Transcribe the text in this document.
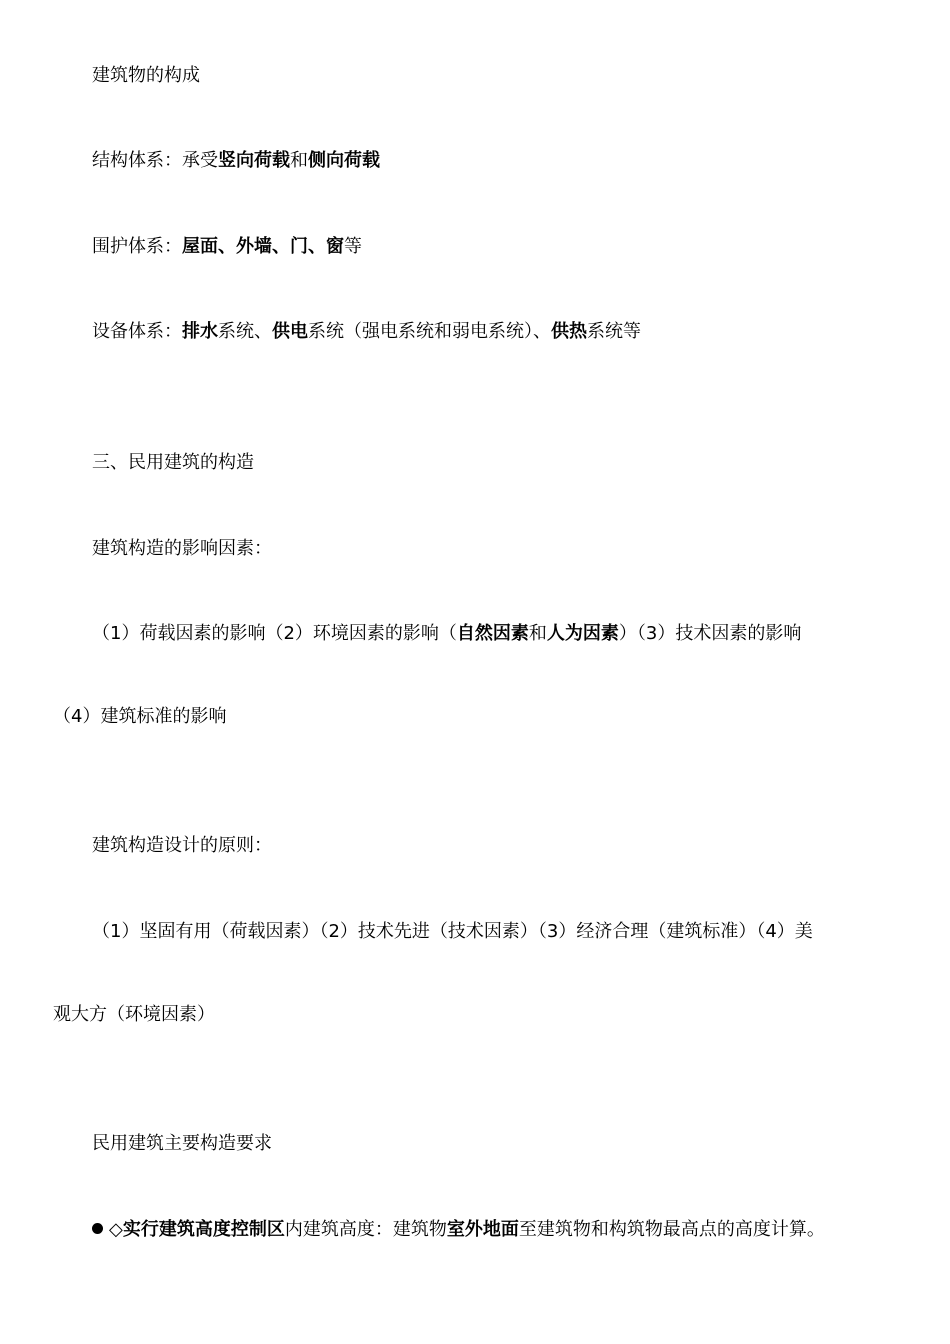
建筑物的构成
结构体系：承受竖向荷载和侧向荷载
围护体系：屋面、外墙、门、窗等
设备体系：排水系统、供电系统（强电系统和弱电系统）、供热系统等
三、民用建筑的构造
建筑构造的影响因素：
（1）荷载因素的影响（2）环境因素的影响（自然因素和人为因素）（3）技术因素的影响
（4）建筑标准的影响
建筑构造设计的原则：
（1）坚固有用（荷载因素）（2）技术先进（技术因素）（3）经济合理（建筑标准）（4）美
观大方（环境因素）
民用建筑主要构造要求
◇实行建筑高度控制区内建筑高度：建筑物室外地面至建筑物和构筑物最高点的高度计算。
